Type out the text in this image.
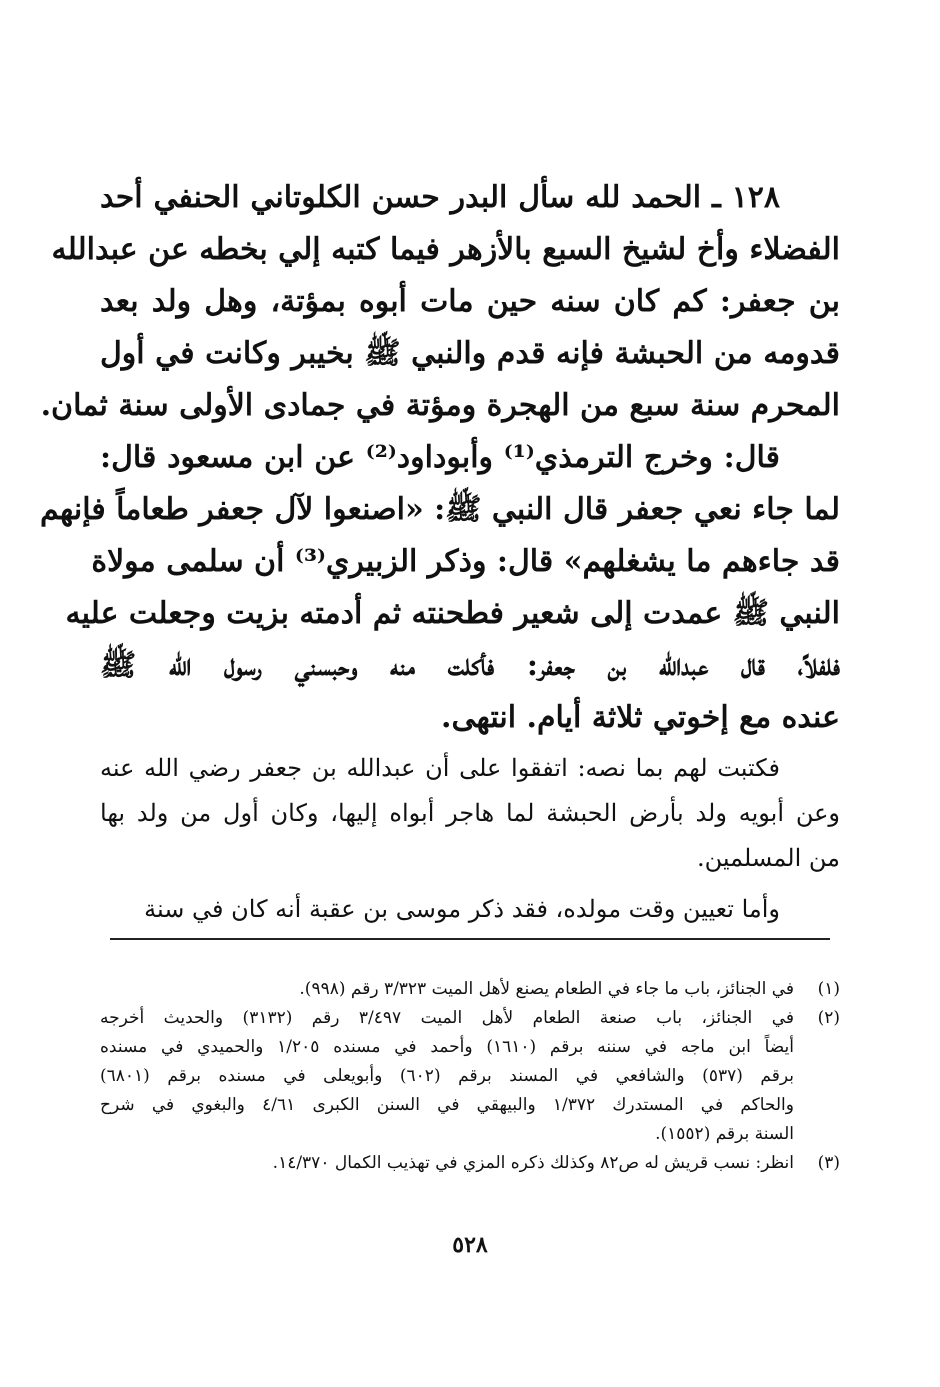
١٢٨ ـ الحمد لله سأل البدر حسن الكلوتاني الحنفي أحد
الفضلاء وأخ لشيخ السبع بالأزهر فيما كتبه إلي بخطه عن عبدالله
بن جعفر: كم كان سنه حين مات أبوه بمؤتة، وهل ولد بعد
قدومه من الحبشة فإنه قدم والنبي ﷺ بخيبر وكانت في أول
المحرم سنة سبع من الهجرة ومؤتة في جمادى الأولى سنة ثمان.
قال: وخرج الترمذي⁽¹⁾ وأبوداود⁽²⁾ عن ابن مسعود قال:
لما جاء نعي جعفر قال النبي ﷺ: «اصنعوا لآل جعفر طعاماً فإنهم
قد جاءهم ما يشغلهم» قال: وذكر الزبيري⁽³⁾ أن سلمى مولاة
النبي ﷺ عمدت إلى شعير فطحنته ثم أدمته بزيت وجعلت عليه
فلفلاً، قال عبدالله بن جعفر: فأكلت منه وحبسني رسول الله ﷺ
عنده مع إخوتي ثلاثة أيام. انتهى.
فكتبت لهم بما نصه: اتفقوا على أن عبدالله بن جعفر رضي الله عنه
وعن أبويه ولد بأرض الحبشة لما هاجر أبواه إليها، وكان أول من ولد بها
من المسلمين.
وأما تعيين وقت مولده، فقد ذكر موسى بن عقبة أنه كان في سنة
(١)
في الجنائز، باب ما جاء في الطعام يصنع لأهل الميت ٣/٣٢٣ رقم (٩٩٨).
(٢)
في الجنائز، باب صنعة الطعام لأهل الميت ٣/٤٩٧ رقم (٣١٣٢) والحديث أخرجه
أيضاً ابن ماجه في سننه برقم (١٦١٠) وأحمد في مسنده ١/٢٠٥ والحميدي في مسنده
برقم (٥٣٧) والشافعي في المسند برقم (٦٠٢) وأبويعلى في مسنده برقم (٦٨٠١)
والحاكم في المستدرك ١/٣٧٢ والبيهقي في السنن الكبرى ٤/٦١ والبغوي في شرح
السنة برقم (١٥٥٢).
(٣)
انظر: نسب قريش له ص٨٢ وكذلك ذكره المزي في تهذيب الكمال ١٤/٣٧٠.
٥٢٨
